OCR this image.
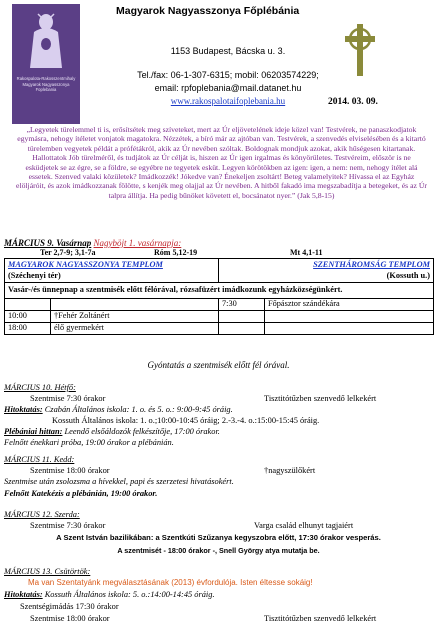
Rakospalota-Rakosszentmihaly Magyarok Nagyasszonya Foplebania
Magyarok Nagyasszonya Főplébánia
1153 Budapest, Bácska u. 3.
Tel./fax: 06-1-307-6315; mobil: 06203574229;
email: rpfoplebania@mail.datanet.hu
www.rakospalotaifoplebania.hu	2014. 03. 09.
„Legyetek türelemmel ti is, erősítsétek meg szíveteket, mert az Úr eljövetelének ideje közel van! Testvérek, ne panaszkodjatok egymásra, nehogy ítéletet vonjatok magatokra. Nézzétek, a bíró már az ajtóban van. Testvérek, a szenvedés elviselésében és a kitartó türelemben vegyetek példát a prófétákról, akik az Úr nevében szóltak. Boldognak mondjuk azokat, akik hűségesen kitartanak. Hallottatok Jób türelméről, és tudjátok az Úr célját is, hiszen az Úr igen irgalmas és könyörületes. Testvéreim, először is ne esküdjetek se az égre, se a földre, se egyébre ne tegyetek esküt. Legyen körötökben az igen: igen, a nem: nem, nehogy ítélet alá essetek. Szenved valaki közületek? Imádkozzék! Jókedve van? Énekeljen zsoltárt! Beteg valamelyitek? Hívassa el az Egyház elöljáróit, és azok imádkozzanak fölötte, s kenjék meg olajjal az Úr nevében. A hitből fakadó ima megszabadítja a betegeket, és az Úr talpra állítja. Ha pedig bűnöket követett el, bocsánatot nyer.” (Jak 5,8-15)
MÁRCIUS 9. Vasárnap Nagyböjt 1. vasárnapja:
Ter 2,7-9; 3,1-7a	Róm 5,12-19	Mt 4,1-11
MAGYAROK NAGYASSZONYA TEMPLOM		SZENTHÁROMSÁG TEMPLOM	
(Széchenyi tér)		(Kossuth u.)	
Vasár-/és ünnepnap a szentmisék előtt félórával, rózsafüzért imádkozunk egyházközségünkért.			
		7:30	Főpásztor szándékára
10:00	†Fehér Zoltánért		
18:00	élő gyermekért		
Gyóntatás a szentmisék előtt fél órával.
MÁRCIUS 10. Hétfő:
Szentmise 7:30 órakor	Tisztitótűzben szenvedő lelkekért
Hitoktatás: Czabán Általános iskola: 1. o. és 5. o.: 9:00-9:45 óráig.
Kossuth Általános iskola: 1. o.;10:00-10:45 óráig; 2.-3.-4. o.:15:00-15:45 óráig.
Plébániai hittan: Leendő elsőáldozók felkészítője, 17:00 órakor.
Felnőtt énekkari próba, 19:00 órakor a plébánián.
MÁRCIUS 11. Kedd:
Szentmise 18:00 órakor	†nagyszülőkért
Szentmise után zsolozsma a hívekkel, papi és szerzetesi hivatásokért.
Felnőtt Katekézis a plébánián, 19:00 órakor.
MÁRCIUS 12. Szerda:
Szentmise 7:30 órakor	Varga család elhunyt tagjaiért
A Szent István bazilikában: a Szentkúti Szűzanya kegyszobra előtt, 17:30 órakor vesperás.
A szentmisét - 18:00 órakor -, Snell György atya mutatja be.
MÁRCIUS 13. Csütörtök:
Ma van Szentatyánk megválasztásának (2013) évfordulója. Isten éltesse sokáig!
Hitoktatás: Kossuth Általános iskola: 5. o.:14:00-14:45 óráig.
Szentségimádás 17:30 órakor
Szentmise 18:00 órakor	Tisztitótűzben szenvedő lelkekért
